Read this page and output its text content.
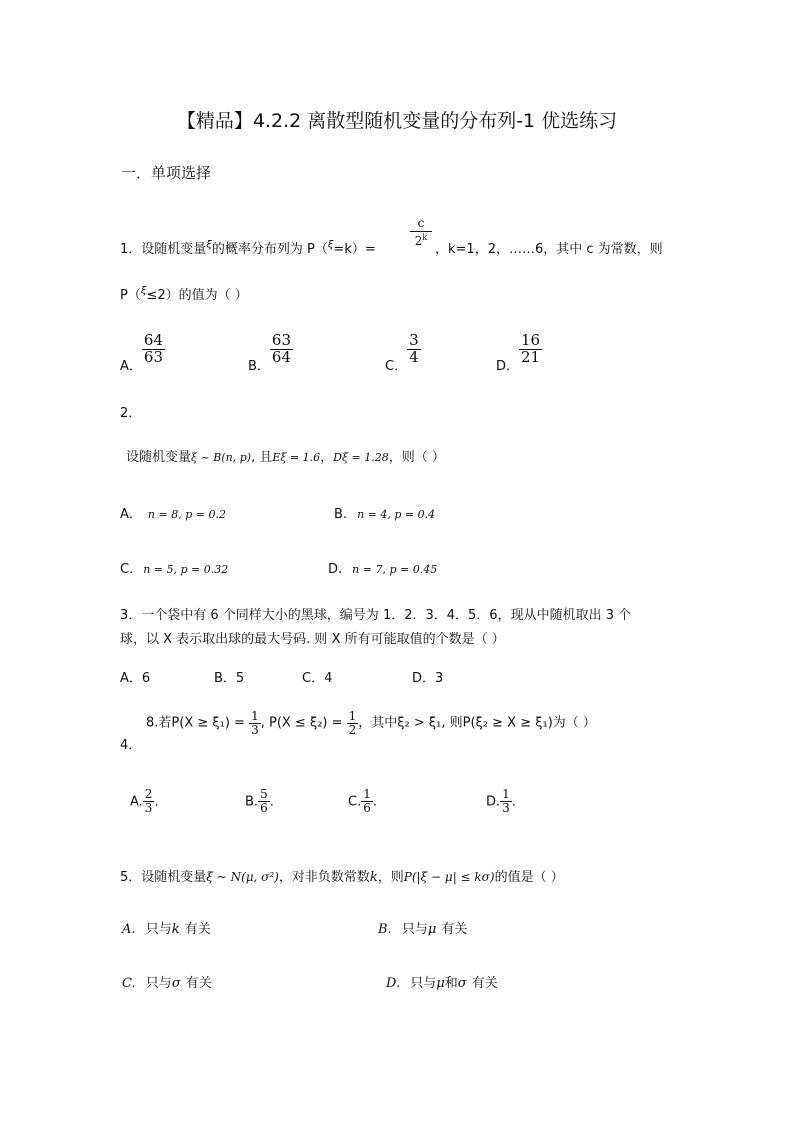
【精品】4.2.2 离散型随机变量的分布列-1 优选练习
一．单项选择
1．设随机变量$^\xi$的概率分布列为 P（$^\xi$=k）=
c
2$^k$
，k=1，2，……6，其中 c 为常数，则
P（$^\xi$≤2）的值为（ ）
$_{A.}$
$\frac{64}{63}$
$_{B.}$
$\frac{63}{64}$
$_{C.}$
$\frac{3}{4}$
$_{D.}$
$\frac{16}{21}$
2．
设随机变量ξ ~ B(n, p), 且Eξ = 1.6，Dξ = 1.28，则（ ）
A． n = 8, p = 0.2	B. n = 4, p = 0.4
C. n = 5, p = 0.32	D. n = 7, p = 0.45
3．一个袋中有 6 个同样大小的黑球，编号为 1．2．3．4．5．6，现从中随机取出 3 个
球，以 X 表示取出球的最大号码. 则 X 所有可能取值的个数是（ ）
A．6	B．5	C．4	D．3
4．
8.若$P(X \ge \xi_1) = \frac{1}{3}$ , $P(X \le \xi_2) = \frac{1}{2}$ ，其中ξ₂ > ξ₁, 则P(ξ₂ ≥ X ≥ ξ₁)为（ ）
A. $\frac{2}{3}$ .	B. $\frac{5}{6}$ .	C. $\frac{1}{6}$ .	D. $\frac{1}{3}$ .
5．设随机变量ξ ~ N(μ, σ²)，对非负数常数k，则P(|ξ − μ| ≤ kσ)的值是（ ）
A. 只与k 有关	B. 只与μ 有关
C. 只与σ 有关	D. 只与μ和σ 有关
